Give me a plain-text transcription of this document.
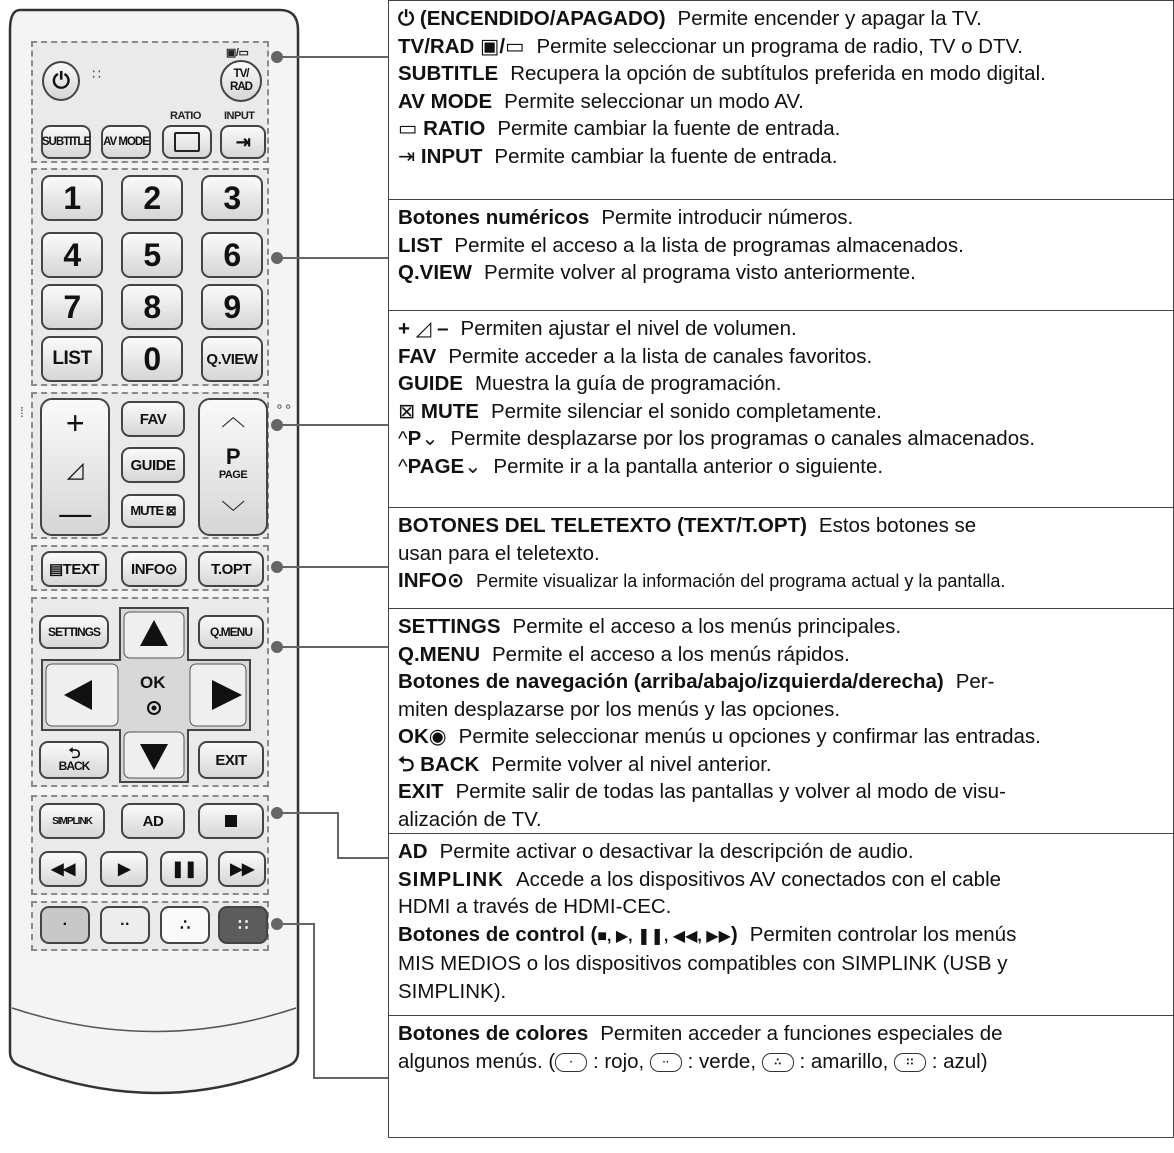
⏻ ∷
▣/▭
TV/
RAD
SUBTITLE AV MODE
RATIO INPUT
⇥
1	2	3
4	5	6
7	8	9
LIST	0	Q.VIEW
⁞	∘∘
+
◿
—
FAV
GUIDE
MUTE ⊠
︿
P
PAGE
﹀
▤TEXT	INFO⊙	T.OPT
SETTINGS	Q.MENU
OK
⮌
BACK	EXIT
SIMPLINK	AD
◀◀	▶	❚❚ ▶▶
·	··	∴	∷

⏻ (ENCENDIDO/APAGADO) Permite encender y apagar la TV.

TV/RAD ▣/▭ Permite seleccionar un programa de radio, TV o DTV.

SUBTITLE Recupera la opción de subtítulos preferida en modo digital.

AV MODE Permite seleccionar un modo AV.

▭ RATIO Permite cambiar la fuente de entrada.

⇥ INPUT Permite cambiar la fuente de entrada.

Botones numéricos Permite introducir números.

LIST Permite el acceso a la lista de programas almacenados.

Q.VIEW Permite volver al programa visto anteriormente.

+ ◿ – Permiten ajustar el nivel de volumen.

FAV Permite acceder a la lista de canales favoritos.

GUIDE Muestra la guía de programación.

⊠ MUTE Permite silenciar el sonido completamente.

^P⌄ Permite desplazarse por los programas o canales almacenados.

^PAGE⌄ Permite ir a la pantalla anterior o siguiente.

BOTONES DEL TELETEXTO (TEXT/T.OPT) Estos botones se

usan para el teletexto.

INFO⊙ Permite visualizar la información del programa actual y la pantalla.

SETTINGS Permite el acceso a los menús principales.

Q.MENU Permite el acceso a los menús rápidos.

Botones de navegación (arriba/abajo/izquierda/derecha) Per-

miten desplazarse por los menús y las opciones.

OK◉ Permite seleccionar menús u opciones y confirmar las entradas.

⮌ BACK Permite volver al nivel anterior.

EXIT Permite salir de todas las pantallas y volver al modo de visu-

alización de TV.

AD Permite activar o desactivar la descripción de audio.

SIMPLINK Accede a los dispositivos AV conectados con el cable

HDMI a través de HDMI-CEC.

Botones de control (■, ▶, ❚❚, ◀◀, ▶▶) Permiten controlar los menús

MIS MEDIOS o los dispositivos compatibles con SIMPLINK (USB y

SIMPLINK).

Botones de colores Permiten acceder a funciones especiales de

algunos menús. ( · : rojo, ·· : verde, ∴ : amarillo, ∷ : azul)
